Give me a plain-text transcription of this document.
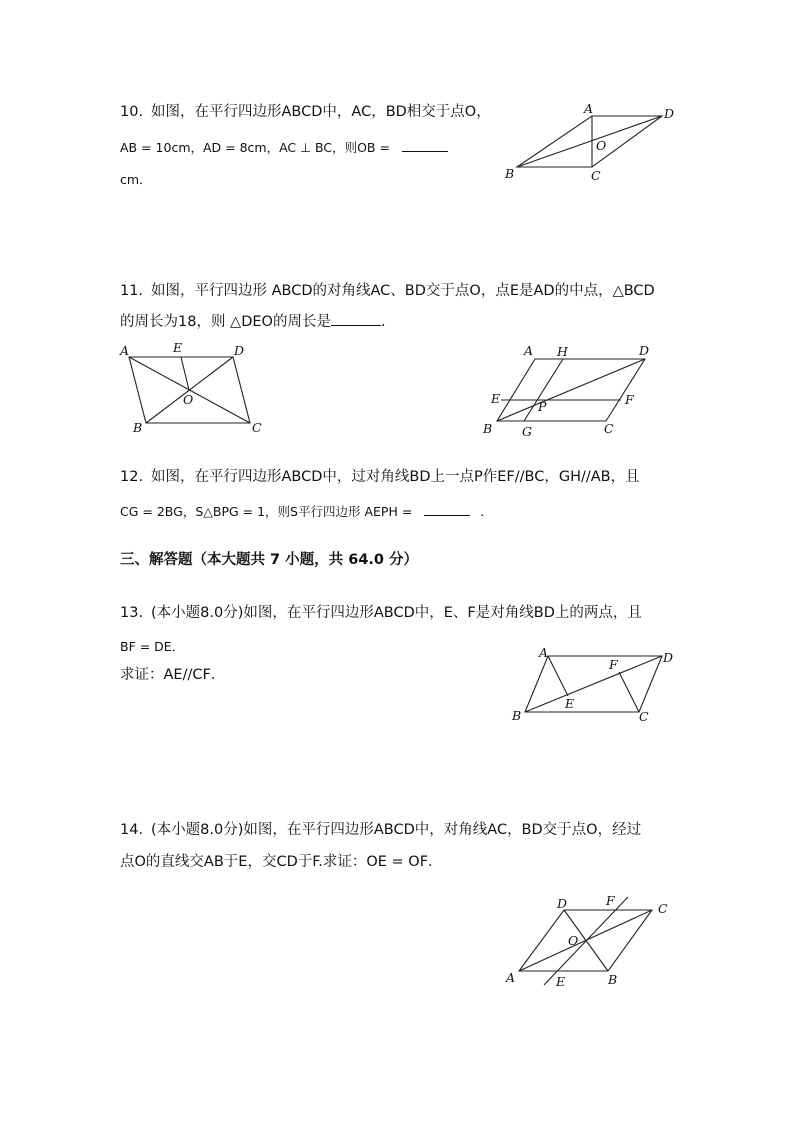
10. 如图，在平行四边形ABCD中，AC，BD相交于点O，
AB = 10cm，AD = 8cm，AC ⊥ BC，则OB =
cm．
A	D
B	C
O
11. 如图，平行四边形 ABCD的对角线AC、BD交于点O，点E是AD的中点，△BCD
的周长为18，则 △DEO的周长是	.
A	E	D
O
B	C
A H	D
E
P	F
B G	C
12. 如图，在平行四边形ABCD中，过对角线BD上一点P作EF//BC，GH//AB，且
CG = 2BG，S△BPG = 1，则S平行四边形 AEPH =	.
三、解答题（本大题共 7 小题，共 64.0 分）
13. (本小题8.0分)如图，在平行四边形ABCD中，E、F是对角线BD上的两点，且
BF = DE．
求证：AE//CF．
A
F	D
E
B	C
14. (本小题8.0分)如图，在平行四边形ABCD中，对角线AC，BD交于点O，经过
点O的直线交AB于E，交CD于F.求证：OE = OF．
D	F
C
O
A	E	B
